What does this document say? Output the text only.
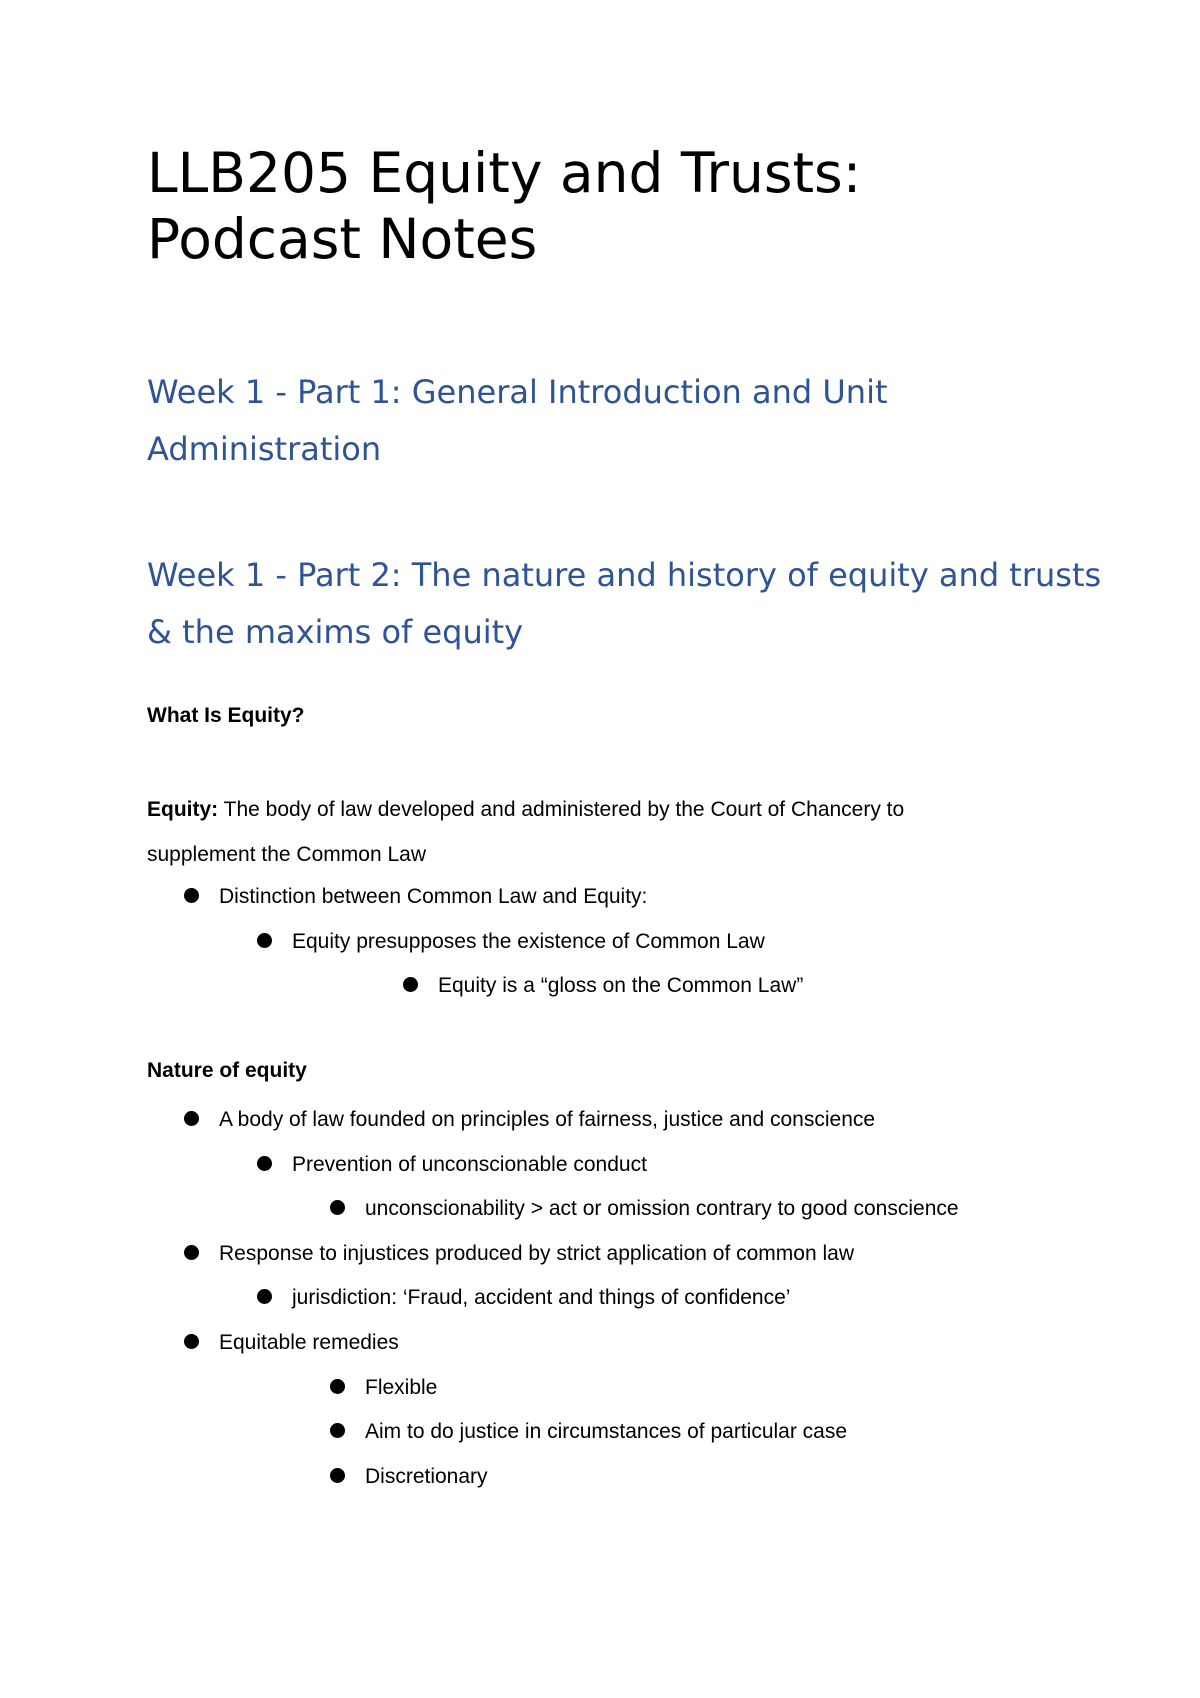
LLB205 Equity and Trusts:
Podcast Notes
Week 1 - Part 1: General Introduction and Unit Administration
Week 1 - Part 2: The nature and history of equity and trusts & the maxims of equity

What Is Equity?

Equity: The body of law developed and administered by the Court of Chancery to supplement the Common Law

Distinction between Common Law and Equity:

Equity presupposes the existence of Common Law

Equity is a “gloss on the Common Law”

Nature of equity

A body of law founded on principles of fairness, justice and conscience

Prevention of unconscionable conduct

unconscionability > act or omission contrary to good conscience

Response to injustices produced by strict application of common law

jurisdiction: ‘Fraud, accident and things of confidence’

Equitable remedies

Flexible

Aim to do justice in circumstances of particular case

Discretionary
